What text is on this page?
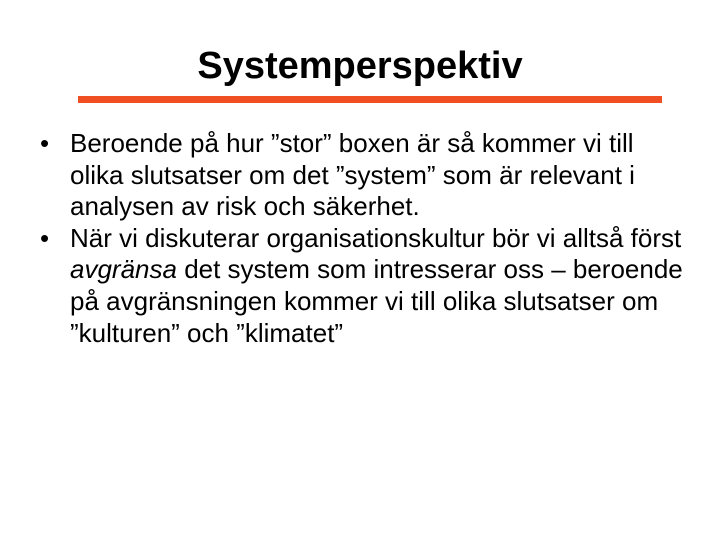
Systemperspektiv
• Beroende på hur ”stor” boxen är så kommer vi till olika slutsatser om det ”system” som är relevant i analysen av risk och säkerhet.
• När vi diskuterar organisationskultur bör vi alltså först avgränsa det system som intresserar oss – beroende på avgränsningen kommer vi till olika slutsatser om ”kulturen” och ”klimatet”
